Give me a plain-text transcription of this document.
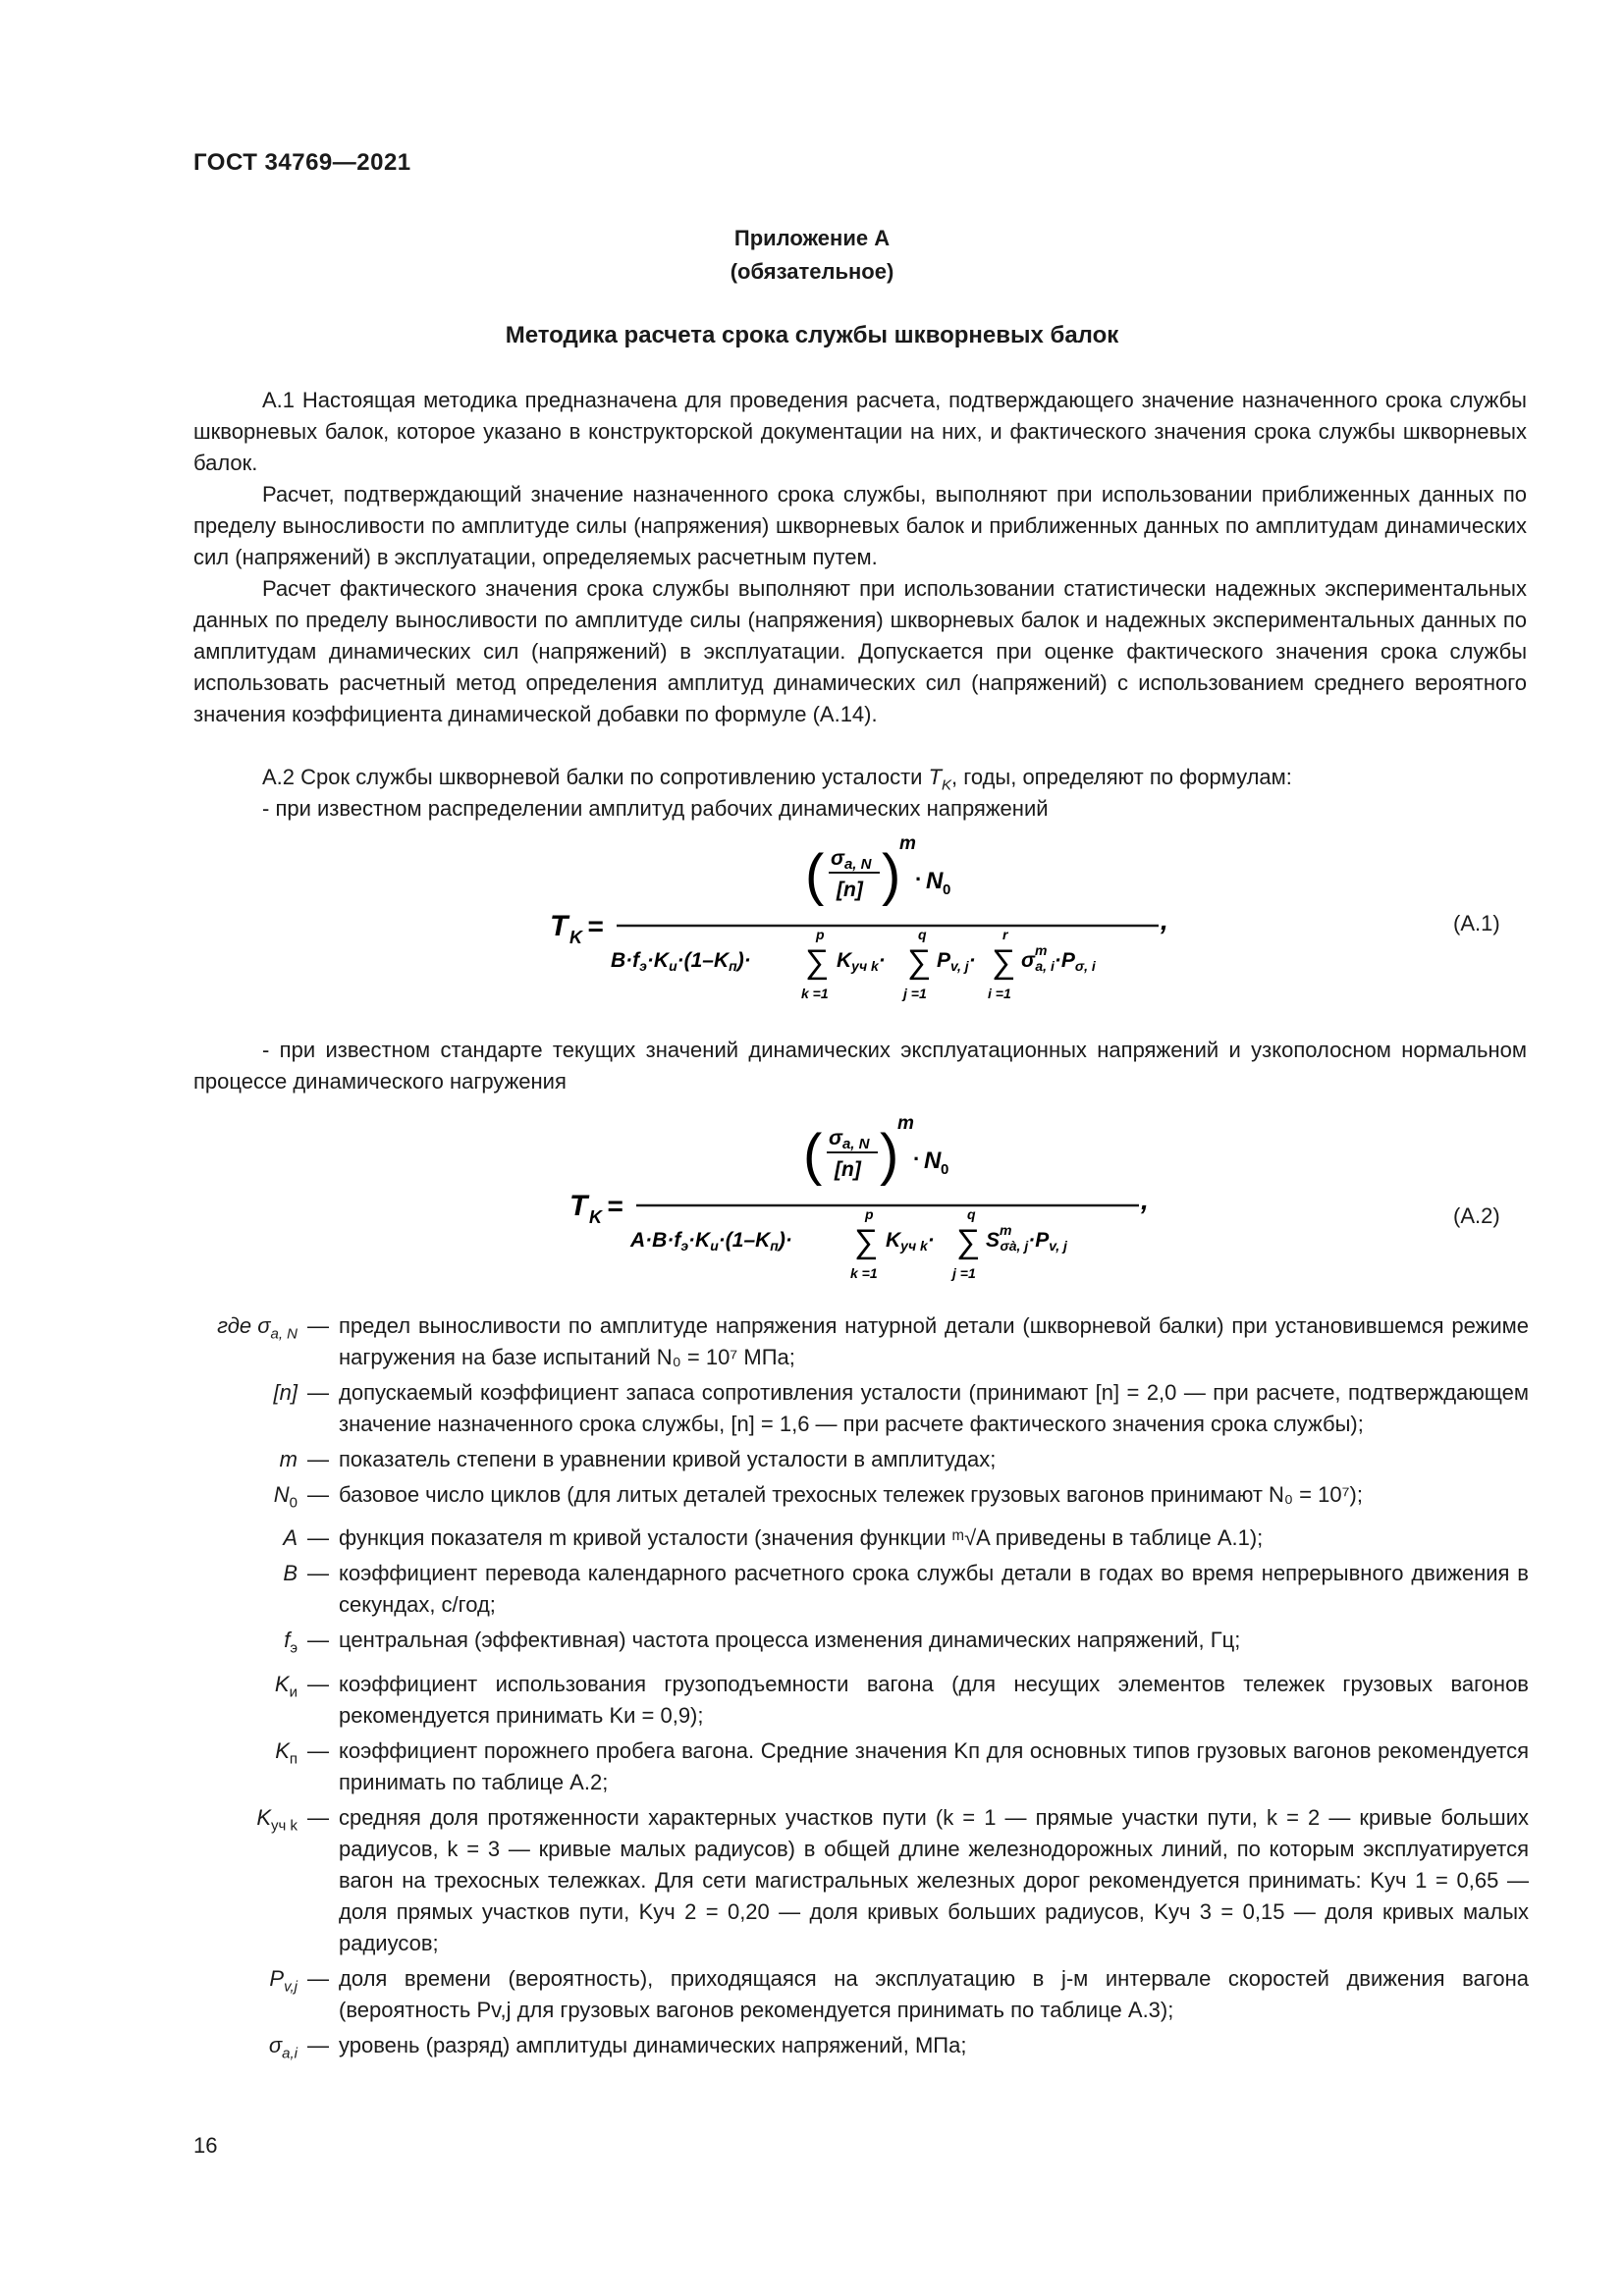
ГОСТ 34769—2021
Приложение А
(обязательное)
Методика расчета срока службы шкворневых балок
А.1 Настоящая методика предназначена для проведения расчета, подтверждающего значение назначенного срока службы шкворневых балок, которое указано в конструкторской документации на них, и фактического значения срока службы шкворневых балок.
Расчет, подтверждающий значение назначенного срока службы, выполняют при использовании приближенных данных по пределу выносливости по амплитуде силы (напряжения) шкворневых балок и приближенных данных по амплитудам динамических сил (напряжений) в эксплуатации, определяемых расчетным путем.
Расчет фактического значения срока службы выполняют при использовании статистически надежных экспериментальных данных по пределу выносливости по амплитуде силы (напряжения) шкворневых балок и надежных экспериментальных данных по амплитудам динамических сил (напряжений) в эксплуатации. Допускается при оценке фактического значения срока службы использовать расчетный метод определения амплитуд динамических сил (напряжений) с использованием среднего вероятного значения коэффициента динамической добавки по формуле (А.14).
А.2 Срок службы шкворневой балки по сопротивлению усталости $T_K$, годы, определяют по формулам:
- при известном распределении амплитуд рабочих динамических напряжений
T K =	,
( σa, N
[n] )
m
· N 0
B·fэ·Kи·(1–Kп)· ∑
p
k =1
Kуч k· ∑
q
j =1
Pv, j· ∑
r
i =1
$\sigma^m$ a, i·Pσ, i
(А.1)
- при известном стандарте текущих значений динамических эксплуатационных напряжений и узкополосном нормальном процессе динамического нагружения
T K =	,
( σa, N
[n] )
m
· N 0
A·B·fэ·Kи·(1–Kп)· ∑
p
k =1
Kуч k· ∑
q
j =1
$S^m$ σà, j·Pv, j
(А.2)
где $\sigma_{a, N}$ — предел выносливости по амплитуде напряжения натурной детали (шкворневой балки) при установившемся режиме нагружения на базе испытаний N₀ = 10⁷ МПа;
[n] — допускаемый коэффициент запаса сопротивления усталости (принимают [n] = 2,0 — при расчете, подтверждающем значение назначенного срока службы, [n] = 1,6 — при расчете фактического значения срока службы);
m — показатель степени в уравнении кривой усталости в амплитудах;
$N_0$ — базовое число циклов (для литых деталей трехосных тележек грузовых вагонов принимают N₀ = 10⁷);
A — функция показателя m кривой усталости (значения функции ᵐ√A приведены в таблице А.1);
B — коэффициент перевода календарного расчетного срока службы детали в годах во время непрерывного движения в секундах, с/год;
$f_э$ — центральная (эффективная) частота процесса изменения динамических напряжений, Гц;
$K_и$ — коэффициент использования грузоподъемности вагона (для несущих элементов тележек грузовых вагонов рекомендуется принимать Kи = 0,9);
$K_п$ — коэффициент порожнего пробега вагона. Средние значения Kп для основных типов грузовых вагонов рекомендуется принимать по таблице А.2;
$K_{уч k}$ — средняя доля протяженности характерных участков пути (k = 1 — прямые участки пути, k = 2 — кривые больших радиусов, k = 3 — кривые малых радиусов) в общей длине железнодорожных линий, по которым эксплуатируется вагон на трехосных тележках. Для сети магистральных железных дорог рекомендуется принимать: Kуч 1 = 0,65 — доля прямых участков пути, Kуч 2 = 0,20 — доля кривых больших радиусов, Kуч 3 = 0,15 — доля кривых малых радиусов;
$P_{v,j}$ — доля времени (вероятность), приходящаяся на эксплуатацию в j-м интервале скоростей движения вагона (вероятность Pv,j для грузовых вагонов рекомендуется принимать по таблице А.3);
$\sigma_{a,i}$ — уровень (разряд) амплитуды динамических напряжений, МПа;
16
